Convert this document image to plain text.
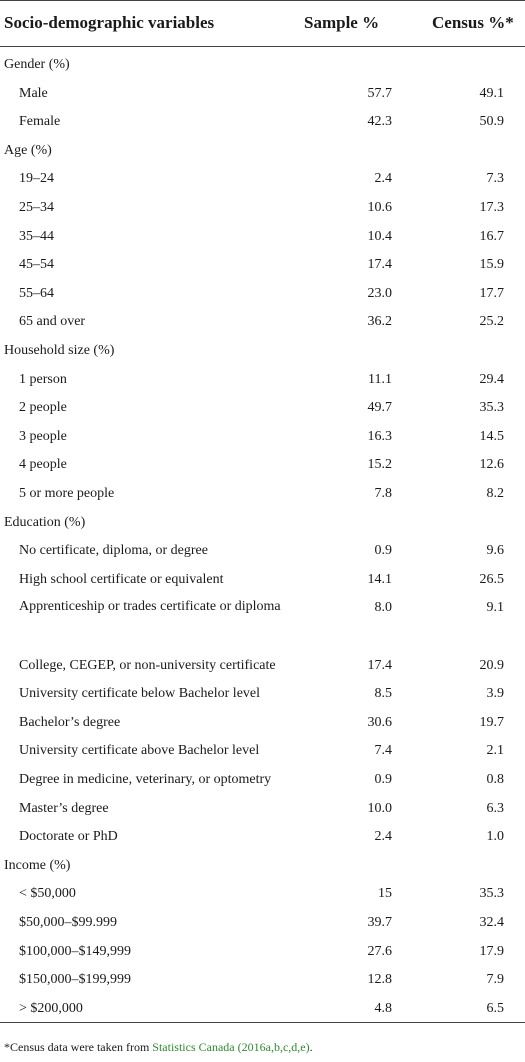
Socio-demographic variables	Sample %	Census %*
Gender (%)
Male	57.7	49.1
Female	42.3	50.9
Age (%)
19–24	2.4	7.3
25–34	10.6	17.3
35–44	10.4	16.7
45–54	17.4	15.9
55–64	23.0	17.7
65 and over	36.2	25.2
Household size (%)
1 person	11.1	29.4
2 people	49.7	35.3
3 people	16.3	14.5
4 people	15.2	12.6
5 or more people	7.8	8.2
Education (%)
No certificate, diploma, or degree	0.9	9.6
High school certificate or equivalent	14.1	26.5
Apprenticeship or trades certificate or diploma	8.0	9.1
College, CEGEP, or non-university certificate	17.4	20.9
University certificate below Bachelor level	8.5	3.9
Bachelor’s degree	30.6	19.7
University certificate above Bachelor level	7.4	2.1
Degree in medicine, veterinary, or optometry	0.9	0.8
Master’s degree	10.0	6.3
Doctorate or PhD	2.4	1.0
Income (%)
< $50,000	15	35.3
$50,000–$99.999	39.7	32.4
$100,000–$149,999	27.6	17.9
$150,000–$199,999	12.8	7.9
> $200,000	4.8	6.5
*Census data were taken from Statistics Canada (2016a,b,c,d,e).
